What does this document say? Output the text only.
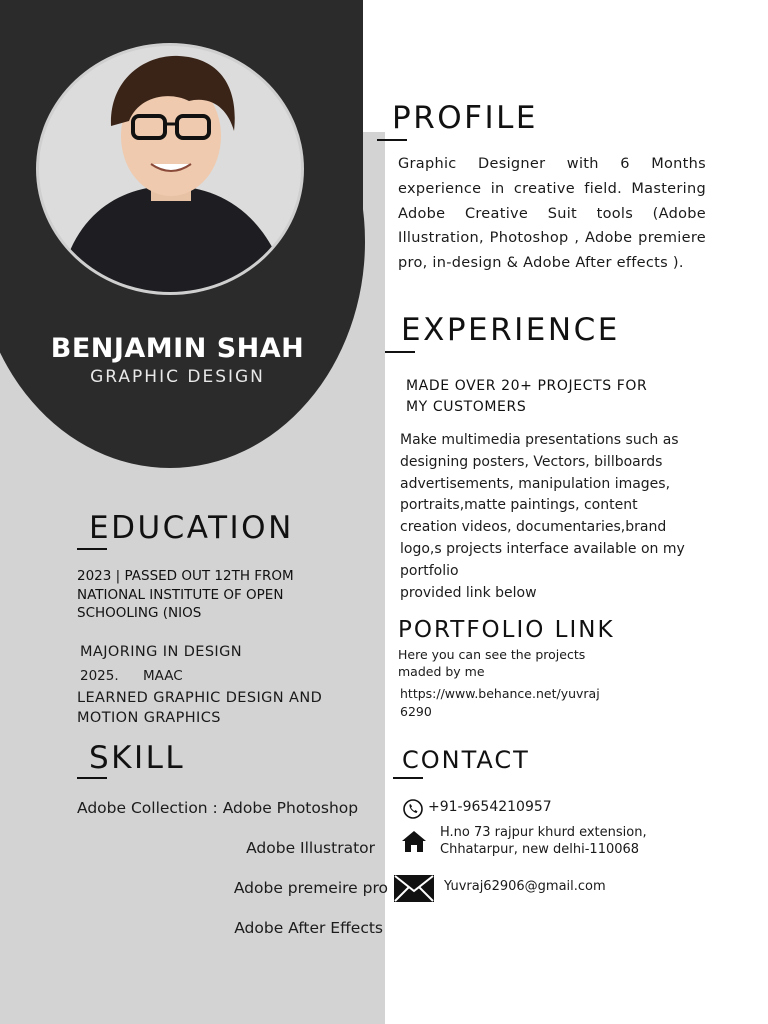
BENJAMIN SHAH
GRAPHIC DESIGN
PROFILE
Graphic Designer with 6 Months experience in creative field. Mastering Adobe Creative Suit tools (Adobe Illustration, Photoshop , Adobe premiere pro, in-design & Adobe After effects ).
EXPERIENCE
MADE OVER 20+ PROJECTS FOR
MY CUSTOMERS
Make multimedia presentations such as
designing posters, Vectors, billboards
advertisements, manipulation images,
portraits,matte paintings, content
creation videos, documentaries,brand
logo,s projects interface available on my
portfolio
provided link below
PORTFOLIO LINK
Here you can see the projects
maded by me
https://www.behance.net/yuvraj
6290
EDUCATION
2023 | PASSED OUT 12TH FROM
NATIONAL INSTITUTE OF OPEN
SCHOOLING (NIOS
MAJORING IN DESIGN
2025. MAAC
LEARNED GRAPHIC DESIGN AND
MOTION GRAPHICS
SKILL
Adobe Collection : Adobe Photoshop
Adobe Illustrator
Adobe premeire pro
Adobe After Effects
CONTACT
+91-9654210957
H.no 73 rajpur khurd extension,
Chhatarpur, new delhi-110068
Yuvraj62906@gmail.com
